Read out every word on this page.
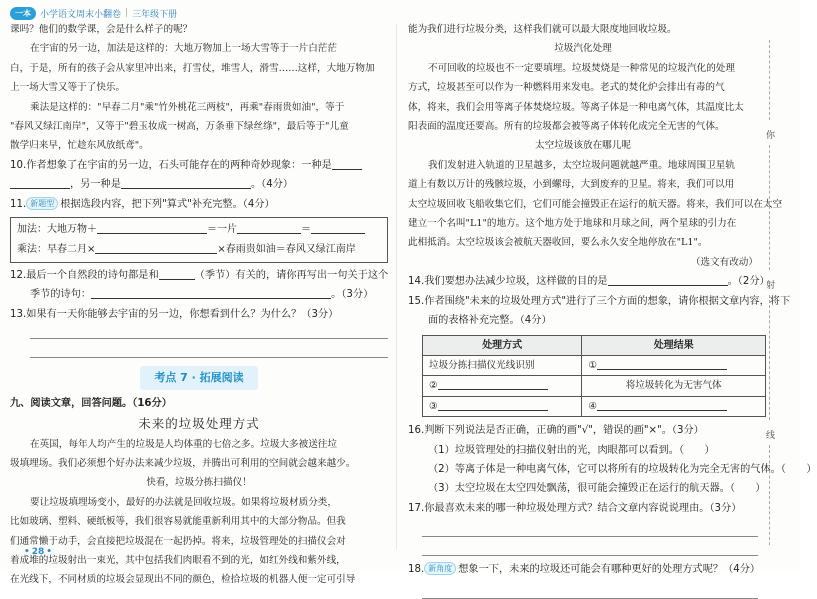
一本	小学语文周末小翻卷 | 三年级下册
课吗？他们的数学课，会是什么样子的呢？
在宇宙的另一边，加法是这样的：大地万物加上一场大雪等于一片白茫茫
白，于是，所有的孩子会从家里冲出来，打雪仗，堆雪人，滑雪……这样，大地万物加
上一场大雪又等于了快乐。
乘法是这样的："早春二月"乘"竹外桃花三两枝"，再乘"春雨贵如油"，等于
"春风又绿江南岸"，又等于"碧玉妆成一树高，万条垂下绿丝绦"，最后等于"儿童
散学归来早，忙趁东风放纸鸢"。
10.作者想象了在宇宙的另一边，石头可能存在的两种奇妙现象：一种是
，另一种是	。（4分）
11. 新题型 根据选段内容，把下列"算式"补充完整。（4分）
加法：大地万物＋	＝一片	＝
乘法：早春二月×	×春雨贵如油＝春风又绿江南岸
12.最后一个自然段的诗句都是和	（季节）有关的，请你再写出一句关于这个
季节的诗句：	。（3分）
13.如果有一天你能够去宇宙的另一边，你想看到什么？为什么？（3分）
考点 7 · 拓展阅读
九、阅读文章，回答问题。（16分）
未来的垃圾处理方式
在英国，每年人均产生的垃圾是人均体重的七倍之多。垃圾大多被送往垃
圾填埋场。我们必须想个好办法来减少垃圾，并腾出可利用的空间就会越来越少。
快看，垃圾分拣扫描仪！
要让垃圾填埋场变小，最好的办法就是回收垃圾。如果将垃圾材质分类，
比如玻璃、塑料、硬纸板等，我们很容易就能重新利用其中的大部分物品。但我
们通常懒于动手，会直接把垃圾混在一起扔掉。将来，垃圾管理处的扫描仪会对
着成堆的垃圾射出一束光，其中包括我们肉眼看不到的光，如红外线和紫外线，
在光线下，不同材质的垃圾会显现出不同的颜色，检拾垃圾的机器人便一定可引导
能为我们进行垃圾分类，这样我们就可以最大限度地回收垃圾。
垃圾汽化处理
不可回收的垃圾也不一定要填埋。垃圾焚烧是一种常见的垃圾汽化的处理
方式，垃圾甚至可以作为一种燃料用来发电。老式的焚化炉会排出有毒的气
体，将来，我们会用等离子体焚烧垃圾。等离子体是一种电离气体，其温度比太
阳表面的温度还要高。所有的垃圾都会被等离子体转化成完全无害的气体。
太空垃圾该放在哪儿呢
我们发射进入轨道的卫星越多，太空垃圾问题就越严重。地球周围卫星轨
道上有数以万计的残骸垃圾，小到螺母，大到废弃的卫星。将来，我们可以用
太空垃圾回收飞船收集它们，它们可能会撞毁正在运行的航天器。将来，我们可以在太空
建立一个名叫"L1"的地方。这个地方处于地球和月球之间，两个星球的引力在
此相抵消。太空垃圾该会被航天器收回，要么永久安全地停放在"L1"。
（选文有改动）
14.我们要想办法减少垃圾，这样做的目的是	。（2分）
15.作者围绕"未来的垃圾处理方式"进行了三个方面的想象，请你根据文章内容，将下
面的表格补充完整。（4分）
处理方式	处理结果
垃圾分拣扫描仪光线识别	①
②	将垃圾转化为无害气体
③	④
16.判断下列说法是否正确，正确的画"√"，错误的画"×"。（3分）
（1）垃圾管理处的扫描仪射出的光，肉眼都可以看到。（　　）
（2）等离子体是一种电离气体，它可以将所有的垃圾转化为完全无害的气体。（　　）
（3）太空垃圾在太空四处飘荡，很可能会撞毁正在运行的航天器。（　　）
17.你最喜欢未来的哪一种垃圾处理方式？结合文章内容说说理由。（3分）
18. 新角度 想象一下，未来的垃圾还可能会有哪种更好的处理方式呢？（4分）
你
射
线
• 28 •
